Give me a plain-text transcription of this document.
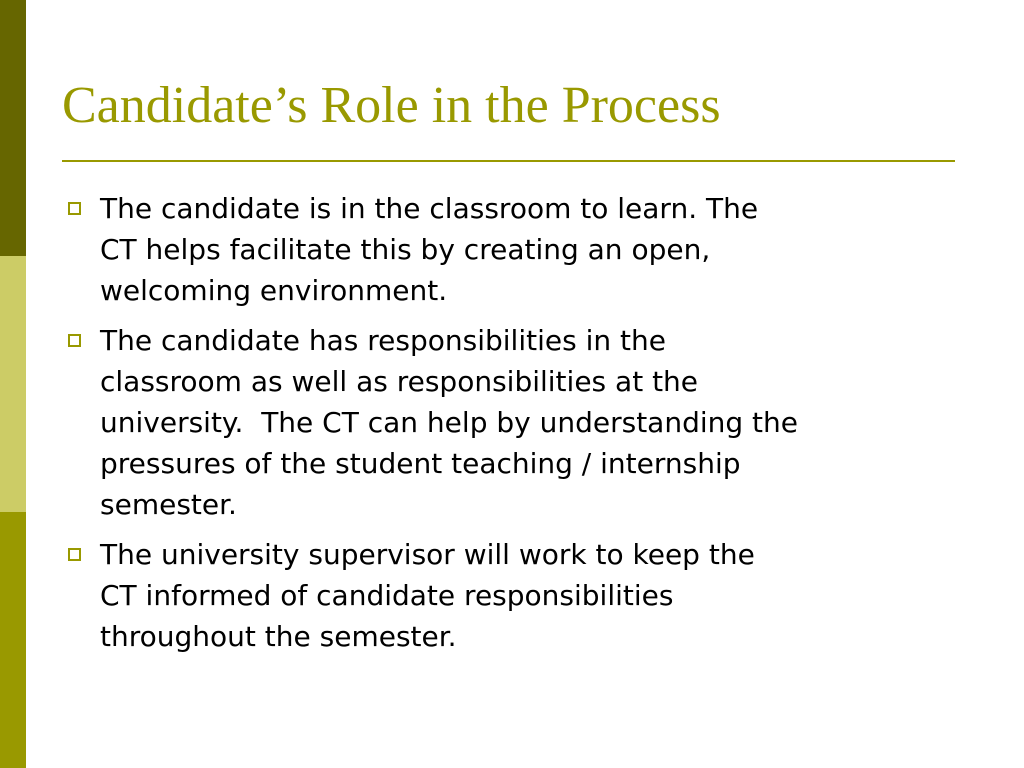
Candidate’s Role in the Process
The candidate is in the classroom to learn. The
CT helps facilitate this by creating an open,
welcoming environment.
The candidate has responsibilities in the
classroom as well as responsibilities at the
university.  The CT can help by understanding the
pressures of the student teaching / internship
semester.
The university supervisor will work to keep the
CT informed of candidate responsibilities
throughout the semester.
